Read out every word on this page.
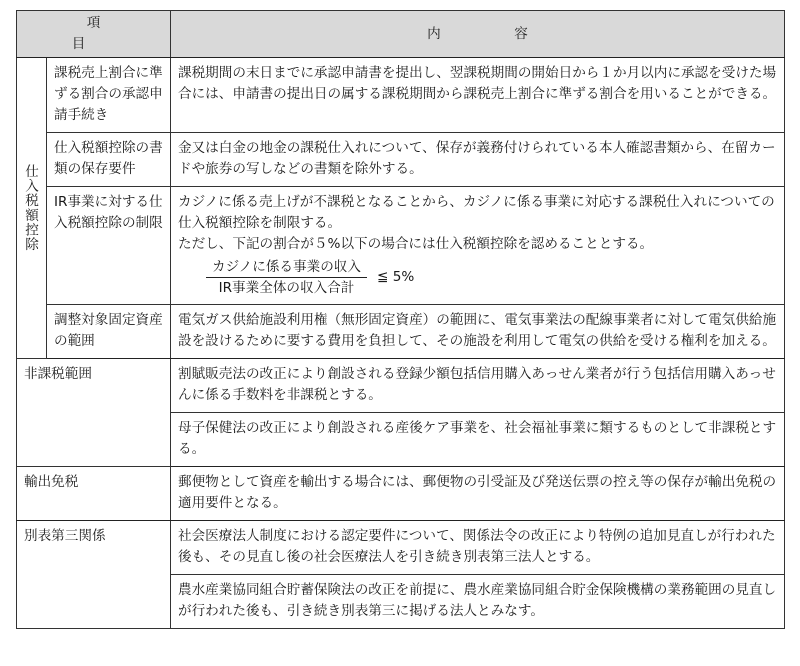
項　目		内　容
仕入税額控除	課税売上割合に準ずる割合の承認申請手続き	課税期間の末日までに承認申請書を提出し、翌課税期間の開始日から１か月以内に承認を受けた場合には、申請書の提出日の属する課税期間から課税売上割合に準ずる割合を用いることができる。
	仕入税額控除の書類の保存要件	金又は白金の地金の課税仕入れについて、保存が義務付けられている本人確認書類から、在留カードや旅券の写しなどの書類を除外する。
	IR事業に対する仕入税額控除の制限	カジノに係る売上げが不課税となることから、カジノに係る事業に対応する課税仕入れについての仕入税額控除を制限する。
ただし、下記の割合が５%以下の場合には仕入税額控除を認めることとする。
$\frac{\text{カジノに係る事業の収入}}{\text{IR事業全体の収入合計}}$ ≦ 5%

	調整対象固定資産の範囲	電気ガス供給施設利用権（無形固定資産）の範囲に、電気事業法の配線事業者に対して電気供給施設を設けるために要する費用を負担して、その施設を利用して電気の供給を受ける権利を加える。
非課税範囲		割賦販売法の改正により創設される登録少額包括信用購入あっせん業者が行う包括信用購入あっせんに係る手数料を非課税とする。
		母子保健法の改正により創設される産後ケア事業を、社会福祉事業に類するものとして非課税とする。
輸出免税		郵便物として資産を輸出する場合には、郵便物の引受証及び発送伝票の控え等の保存が輸出免税の適用要件となる。
別表第三関係		社会医療法人制度における認定要件について、関係法令の改正により特例の追加見直しが行われた後も、その見直し後の社会医療法人を引き続き別表第三法人とする。
		農水産業協同組合貯蓄保険法の改正を前提に、農水産業協同組合貯金保険機構の業務範囲の見直しが行われた後も、引き続き別表第三に掲げる法人とみなす。
